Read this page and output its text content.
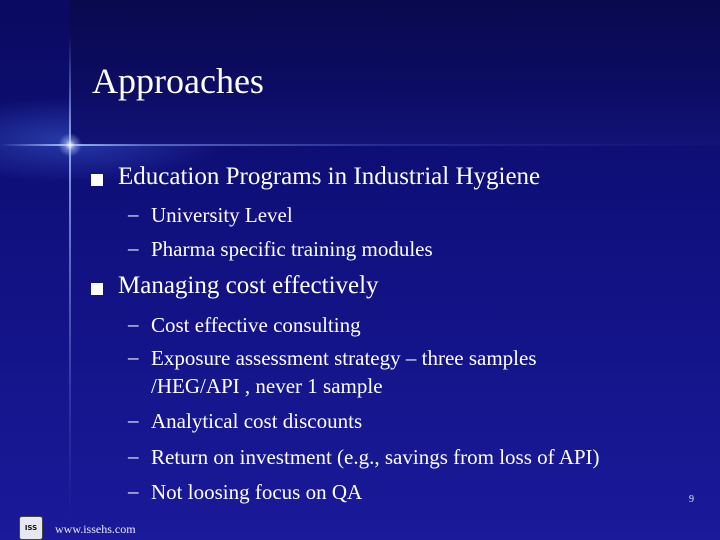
Approaches
Education Programs in Industrial Hygiene
– University Level
– Pharma specific training modules
Managing cost effectively
– Cost effective consulting
– Exposure assessment strategy – three samples
/HEG/API , never 1 sample
– Analytical cost discounts
– Return on investment (e.g., savings from loss of API)
– Not loosing focus on QA
ISS	www.issehs.com
9
